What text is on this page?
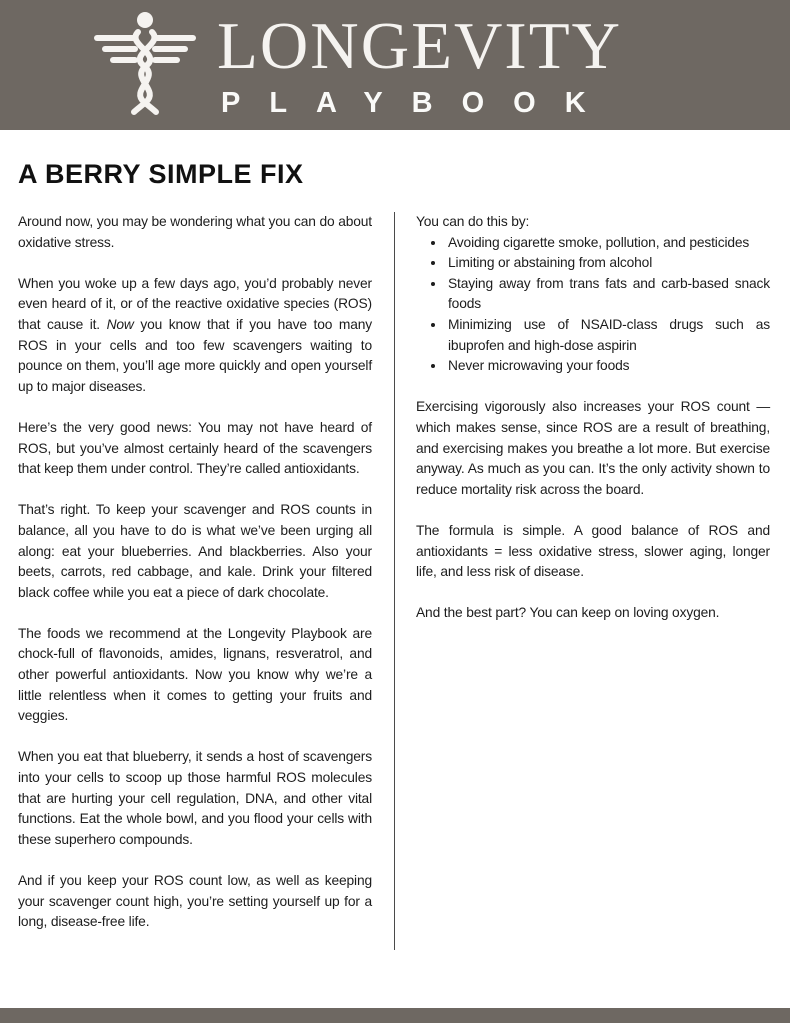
LONGEVITY
PLAYBOOK
A BERRY SIMPLE FIX

Around now, you may be wondering what you can do about oxidative stress.

When you woke up a few days ago, you’d probably never even heard of it, or of the reactive oxidative species (ROS) that cause it. Now you know that if you have too many ROS in your cells and too few scavengers waiting to pounce on them, you’ll age more quickly and open yourself up to major diseases.

Here’s the very good news: You may not have heard of ROS, but you’ve almost certainly heard of the scavengers that keep them under control. They’re called antioxidants.

That’s right. To keep your scavenger and ROS counts in balance, all you have to do is what we’ve been urging all along: eat your blueberries. And blackberries. Also your beets, carrots, red cabbage, and kale. Drink your filtered black coffee while you eat a piece of dark chocolate.

The foods we recommend at the Longevity Playbook are chock-full of flavonoids, amides, lignans, resveratrol, and other powerful antioxidants. Now you know why we’re a little relentless when it comes to getting your fruits and veggies.

When you eat that blueberry, it sends a host of scavengers into your cells to scoop up those harmful ROS molecules that are hurting your cell regulation, DNA, and other vital functions. Eat the whole bowl, and you flood your cells with these superhero compounds.

And if you keep your ROS count low, as well as keeping your scavenger count high, you’re setting yourself up for a long, disease-free life.

You can do this by:

• Avoiding cigarette smoke, pollution, and pesticides
• Limiting or abstaining from alcohol
• Staying away from trans fats and carb-based snack foods
• Minimizing use of NSAID-class drugs such as ibuprofen and high-dose aspirin
• Never microwaving your foods

Exercising vigorously also increases your ROS count — which makes sense, since ROS are a result of breathing, and exercising makes you breathe a lot more. But exercise anyway. As much as you can. It’s the only activity shown to reduce mortality risk across the board.

The formula is simple. A good balance of ROS and antioxidants = less oxidative stress, slower aging, longer life, and less risk of disease.

And the best part? You can keep on loving oxygen.
